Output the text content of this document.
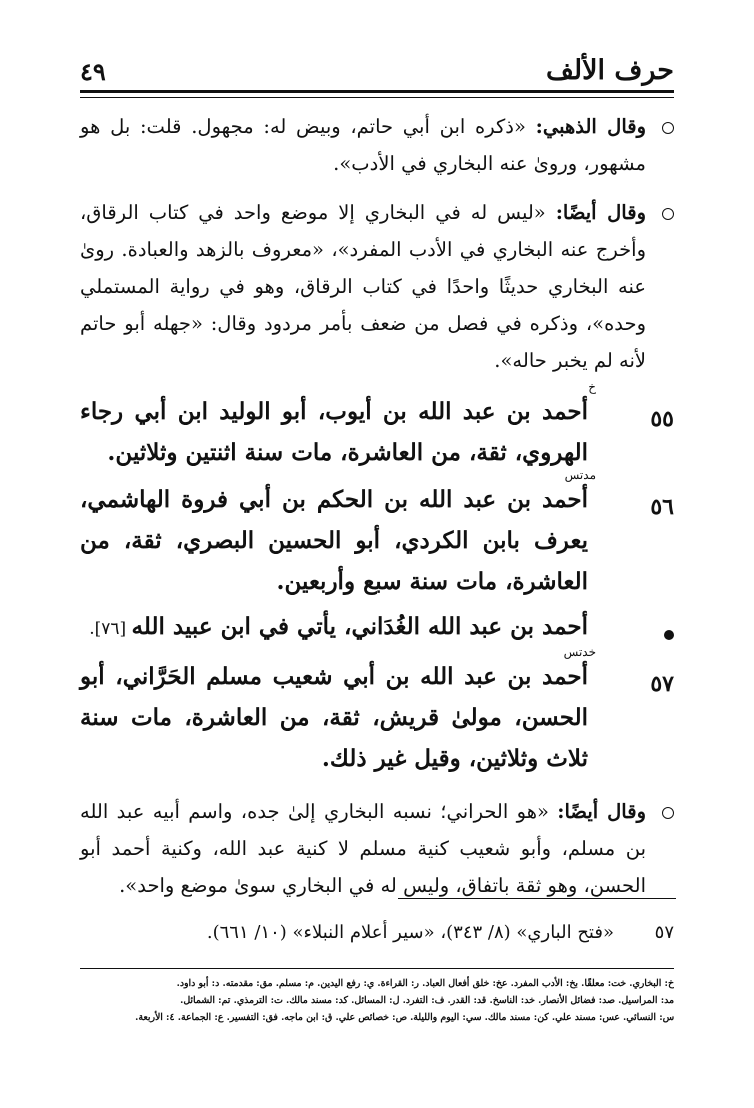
حرف الألف
٤٩
وقال الذهبي: «ذكره ابن أبي حاتم، وبيض له: مجهول. قلت: بل هو مشهور، وروىٰ عنه البخاري في الأدب».
وقال أيضًا: «ليس له في البخاري إلا موضع واحد في كتاب الرقاق، وأخرج عنه البخاري في الأدب المفرد»، «معروف بالزهد والعبادة. روىٰ عنه البخاري حديثًا واحدًا في كتاب الرقاق، وهو في رواية المستملي وحده»، وذكره في فصل من ضعف بأمر مردود وقال: «جهله أبو حاتم لأنه لم يخبر حاله».
٥٥
خ
أحمد بن عبد الله بن أيوب، أبو الوليد ابن أبي رجاء الهروي، ثقة، من العاشرة، مات سنة اثنتين وثلاثين.
٥٦
مدتس
أحمد بن عبد الله بن الحكم بن أبي فروة الهاشمي، يعرف بابن الكردي، أبو الحسين البصري، ثقة، من العاشرة، مات سنة سبع وأربعين.
أحمد بن عبد الله الغُدَاني، يأتي في ابن عبيد الله [٧٦].
٥٧
خدتس
أحمد بن عبد الله بن أبي شعيب مسلم الحَرَّاني، أبو الحسن، مولىٰ قريش، ثقة، من العاشرة، مات سنة ثلاث وثلاثين، وقيل غير ذلك.
وقال أيضًا: «هو الحراني؛ نسبه البخاري إلىٰ جده، واسم أبيه عبد الله بن مسلم، وأبو شعيب كنية مسلم لا كنية عبد الله، وكنية أحمد أبو الحسن، وهو ثقة باتفاق، وليس له في البخاري سوىٰ موضع واحد».
٥٧«فتح الباري» (٨/ ٣٤٣)، «سير أعلام النبلاء» (١٠/ ٦٦١).
خ: البخاري. خت: معلقًا. بخ: الأدب المفرد. عخ: خلق أفعال العباد. ر: القراءة. ي: رفع اليدين. م: مسلم. مق: مقدمته. د: أبو داود.
مد: المراسيل. صد: فضائل الأنصار. خد: الناسخ. قد: القدر. ف: التفرد. ل: المسائل. كد: مسند مالك. ت: الترمذي. تم: الشمائل.
س: النسائي. عس: مسند علي. كن: مسند مالك. سي: اليوم والليلة. ص: خصائص علي. ق: ابن ماجه. فق: التفسير. ع: الجماعة. ٤: الأربعة.
